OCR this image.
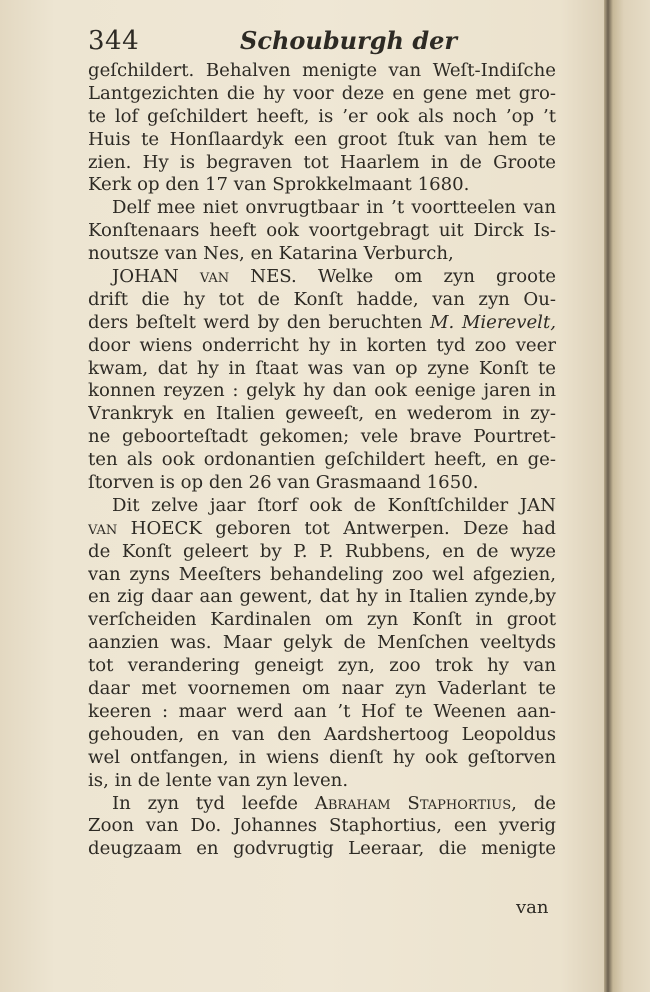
344	Schouburgh der
geſchildert. Behalven menigte van Weſt-Indiſche
Lantgezichten die hy voor deze en gene met gro-
te lof geſchildert heeft, is ’er ook als noch ’op ’t
Huis te Honſlaardyk een groot ſtuk van hem te
zien. Hy is begraven tot Haarlem in de Groote
Kerk op den 17 van Sprokkelmaant 1680.
Delf mee niet onvrugtbaar in ’t voortteelen van
Konſtenaars heeft ook voortgebragt uit Dirck Is-
noutsze van Nes, en Katarina Verburch,
JOHAN van NES. Welke om zyn groote
drift die hy tot de Konſt hadde, van zyn Ou-
ders beſtelt werd by den beruchten M. Mierevelt,
door wiens onderricht hy in korten tyd zoo veer
kwam, dat hy in ſtaat was van op zyne Konſt te
konnen reyzen : gelyk hy dan ook eenige jaren in
Vrankryk en Italien geweeſt, en wederom in zy-
ne geboorteſtadt gekomen; vele brave Pourtret-
ten als ook ordonantien geſchildert heeft, en ge-
ſtorven is op den 26 van Grasmaand 1650.
Dit zelve jaar ſtorf ook de Konſtſchilder JAN
van HOECK geboren tot Antwerpen. Deze had
de Konſt geleert by P. P. Rubbens, en de wyze
van zyns Meeſters behandeling zoo wel afgezien,
en zig daar aan gewent, dat hy in Italien zynde,by
verſcheiden Kardinalen om zyn Konſt in groot
aanzien was. Maar gelyk de Menſchen veeltyds
tot verandering geneigt zyn, zoo trok hy van
daar met voornemen om naar zyn Vaderlant te
keeren : maar werd aan ’t Hof te Weenen aan-
gehouden, en van den Aardshertoog Leopoldus
wel ontfangen, in wiens dienſt hy ook geſtorven
is, in de lente van zyn leven.
In zyn tyd leefde Abraham Staphortius, de
Zoon van Do. Johannes Staphortius, een yverig
deugzaam en godvrugtig Leeraar, die menigte
van
